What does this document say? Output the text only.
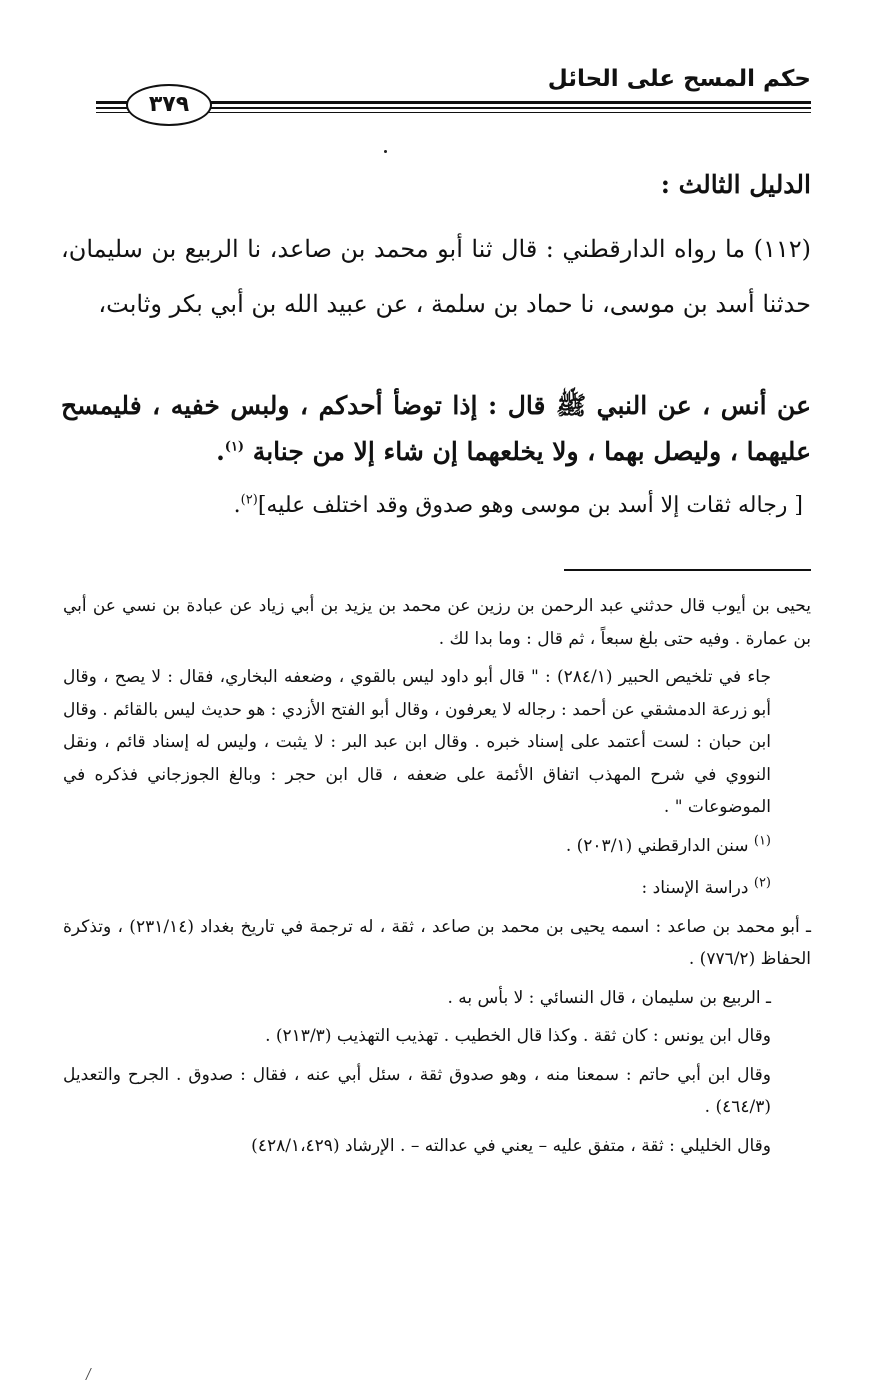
حكم المسح على الحائل
٣٧٩
الدليل الثالث :
(١١٢) ما رواه الدارقطني : قال ثنا أبو محمد بن صاعد، نا الربيع بن سليمان، حدثنا أسد بن موسى، نا حماد بن سلمة ، عن عبيد الله بن أبي بكر وثابت،
عن أنس ، عن النبي ﷺ قال : إذا توضأ أحدكم ، ولبس خفيه ، فليمسح عليهما ، وليصل بهما ، ولا يخلعهما إن شاء إلا من جنابة $^{(١)}$.
[ رجاله ثقات إلا أسد بن موسى وهو صدوق وقد اختلف عليه]$^{(٢)}$.

يحيى بن أيوب قال حدثني عبد الرحمن بن رزين عن محمد بن يزيد بن أبي زياد عن عبادة بن نسي عن أبي بن عمارة . وفيه حتى بلغ سبعاً ، ثم قال : وما بدا لك .

جاء في تلخيص الحبير (٢٨٤/١) : " قال أبو داود ليس بالقوي ، وضعفه البخاري، فقال : لا يصح ، وقال أبو زرعة الدمشقي عن أحمد : رجاله لا يعرفون ، وقال أبو الفتح الأزدي : هو حديث ليس بالقائم . وقال ابن حبان : لست أعتمد على إسناد خبره . وقال ابن عبد البر : لا يثبت ، وليس له إسناد قائم ، ونقل النووي في شرح المهذب اتفاق الأئمة على ضعفه ، قال ابن حجر : وبالغ الجوزجاني فذكره في الموضوعات " .

$^{(١)}$ سنن الدارقطني (٢٠٣/١) .

$^{(٢)}$ دراسة الإسناد :

ـ أبو محمد بن صاعد : اسمه يحيى بن محمد بن صاعد ، ثقة ، له ترجمة في تاريخ بغداد (٢٣١/١٤) ، وتذكرة الحفاظ (٧٧٦/٢) .

ـ الربيع بن سليمان ، قال النسائي : لا بأس به .

وقال ابن يونس : كان ثقة . وكذا قال الخطيب . تهذيب التهذيب (٢١٣/٣) .

وقال ابن أبي حاتم : سمعنا منه ، وهو صدوق ثقة ، سئل أبي عنه ، فقال : صدوق . الجرح والتعديل (٤٦٤/٣) .

وقال الخليلي : ثقة ، متفق عليه – يعني في عدالته – . الإرشاد (٤٢٨/١،٤٢٩)
